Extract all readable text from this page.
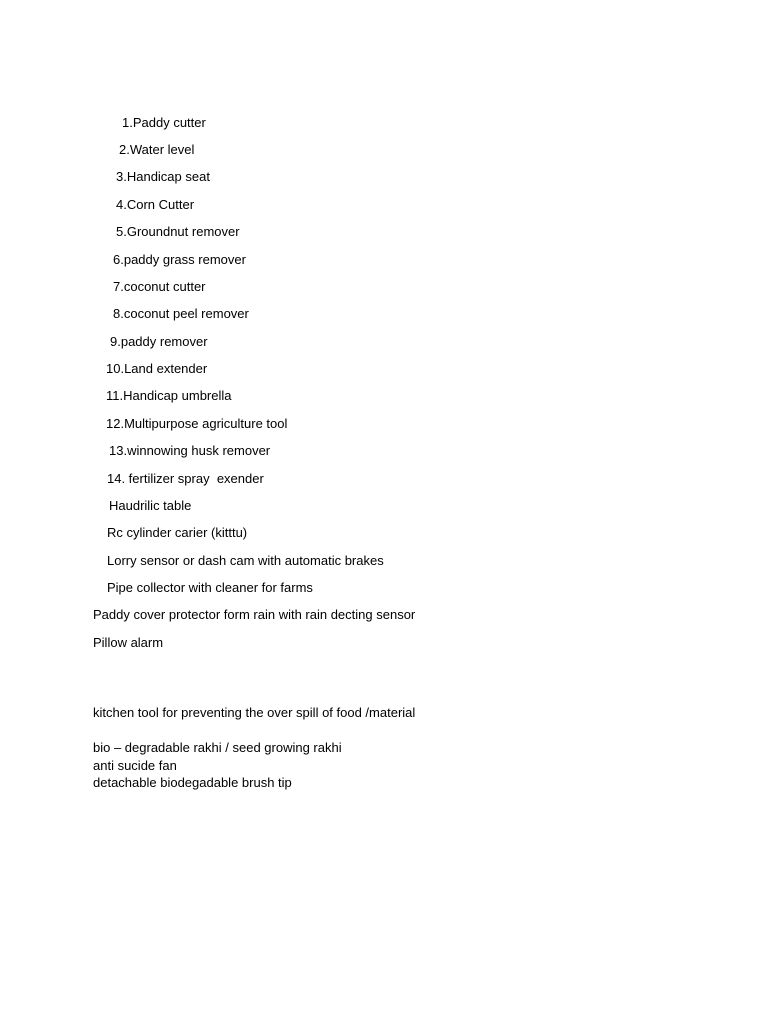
1.Paddy cutter
2.Water level
3.Handicap seat
4.Corn Cutter
5.Groundnut remover
6.paddy grass remover
7.coconut cutter
8.coconut peel remover
9.paddy remover
10.Land extender
11.Handicap umbrella
12.Multipurpose agriculture tool
13.winnowing husk remover
14. fertilizer spray  exender
Haudrilic table
Rc cylinder carier (kitttu)
Lorry sensor or dash cam with automatic brakes
Pipe collector with cleaner for farms
Paddy cover protector form rain with rain decting sensor
Pillow alarm
kitchen tool for preventing the over spill of food /material
bio – degradable rakhi / seed growing rakhi
anti sucide fan
detachable biodegadable brush tip
